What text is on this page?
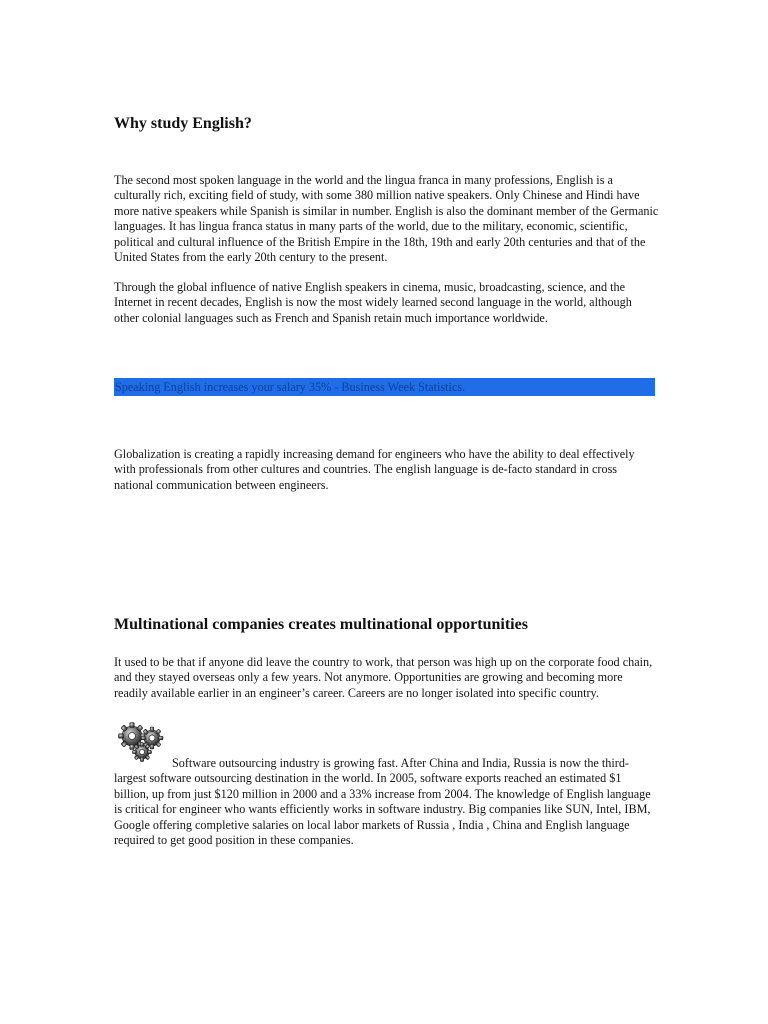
Why study English?

The second most spoken language in the world and the lingua franca in many professions, English is a culturally rich, exciting field of study, with some 380 million native speakers. Only Chinese and Hindi have more native speakers while Spanish is similar in number. English is also the dominant member of the Germanic languages. It has lingua franca status in many parts of the world, due to the military, economic, scientific, political and cultural influence of the British Empire in the 18th, 19th and early 20th centuries and that of the United States from the early 20th century to the present.

Through the global influence of native English speakers in cinema, music, broadcasting, science, and the Internet in recent decades, English is now the most widely learned second language in the world, although other colonial languages such as French and Spanish retain much importance worldwide.

Speaking English increases your salary 35% - Business Week Statistics.

Globalization is creating a rapidly increasing demand for engineers who have the ability to deal effectively with professionals from other cultures and countries. The english language is de-facto standard in cross national communication between engineers.

Multinational companies creates multinational opportunities

It used to be that if anyone did leave the country to work, that person was high up on the corporate food chain, and they stayed overseas only a few years. Not anymore. Opportunities are growing and becoming more readily available earlier in an engineer’s career. Careers are no longer isolated into specific country.

Software outsourcing industry is growing fast. After China and India, Russia is now the third-largest software outsourcing destination in the world. In 2005, software exports reached an estimated $1 billion, up from just $120 million in 2000 and a 33% increase from 2004. The knowledge of English language is critical for engineer who wants efficiently works in software industry. Big companies like SUN, Intel, IBM, Google offering completive salaries on local labor markets of Russia , India , China and English language required to get good position in these companies.
